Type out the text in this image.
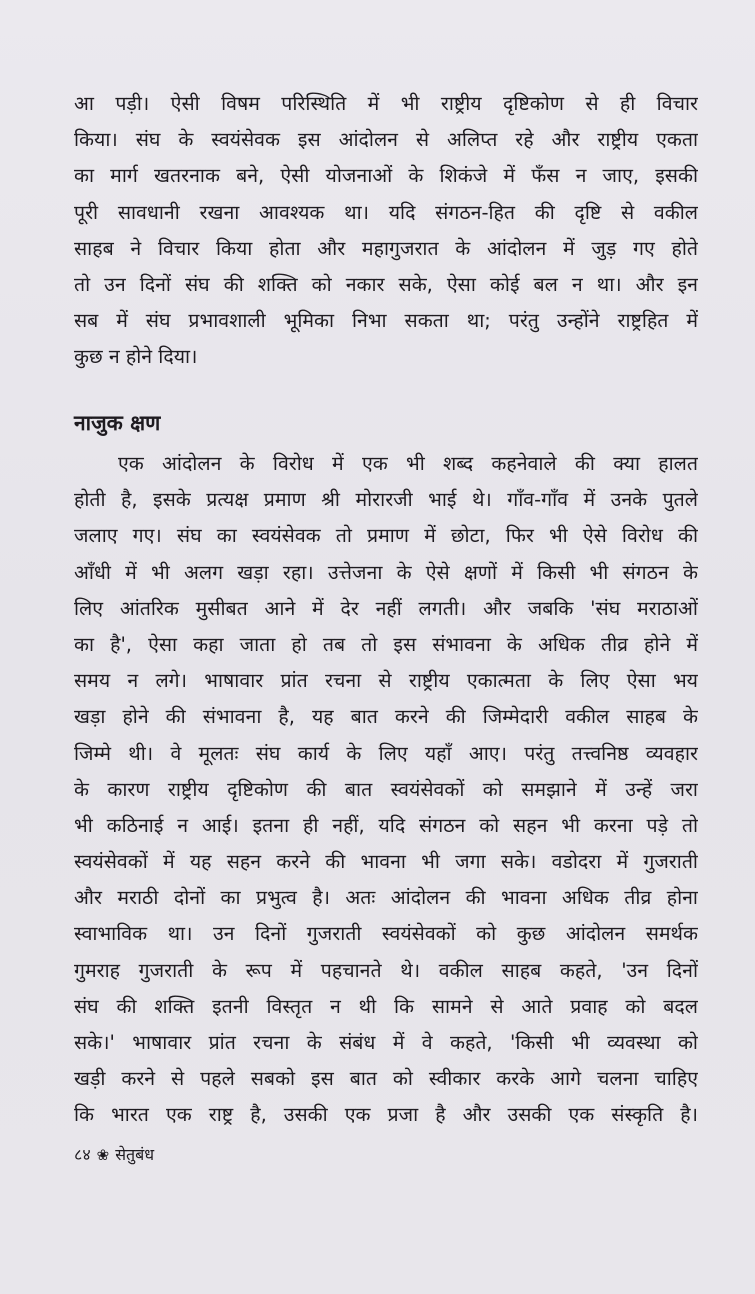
आ पड़ी। ऐसी विषम परिस्थिति में भी राष्ट्रीय दृष्टिकोण से ही विचार
किया। संघ के स्वयंसेवक इस आंदोलन से अलिप्त रहे और राष्ट्रीय एकता
का मार्ग खतरनाक बने, ऐसी योजनाओं के शिकंजे में फँस न जाए, इसकी
पूरी सावधानी रखना आवश्यक था। यदि संगठन-हित की दृष्टि से वकील
साहब ने विचार किया होता और महागुजरात के आंदोलन में जुड़ गए होते
तो उन दिनों संघ की शक्ति को नकार सके, ऐसा कोई बल न था। और इन
सब में संघ प्रभावशाली भूमिका निभा सकता था; परंतु उन्होंने राष्ट्रहित में
कुछ न होने दिया।
नाजुक क्षण
एक आंदोलन के विरोध में एक भी शब्द कहनेवाले की क्या हालत
होती है, इसके प्रत्यक्ष प्रमाण श्री मोरारजी भाई थे। गाँव-गाँव में उनके पुतले
जलाए गए। संघ का स्वयंसेवक तो प्रमाण में छोटा, फिर भी ऐसे विरोध की
आँधी में भी अलग खड़ा रहा। उत्तेजना के ऐसे क्षणों में किसी भी संगठन के
लिए आंतरिक मुसीबत आने में देर नहीं लगती। और जबकि 'संघ मराठाओं
का है', ऐसा कहा जाता हो तब तो इस संभावना के अधिक तीव्र होने में
समय न लगे। भाषावार प्रांत रचना से राष्ट्रीय एकात्मता के लिए ऐसा भय
खड़ा होने की संभावना है, यह बात करने की जिम्मेदारी वकील साहब के
जिम्मे थी। वे मूलतः संघ कार्य के लिए यहाँ आए। परंतु तत्त्वनिष्ठ व्यवहार
के कारण राष्ट्रीय दृष्टिकोण की बात स्वयंसेवकों को समझाने में उन्हें जरा
भी कठिनाई न आई। इतना ही नहीं, यदि संगठन को सहन भी करना पड़े तो
स्वयंसेवकों में यह सहन करने की भावना भी जगा सके। वडोदरा में गुजराती
और मराठी दोनों का प्रभुत्व है। अतः आंदोलन की भावना अधिक तीव्र होना
स्वाभाविक था। उन दिनों गुजराती स्वयंसेवकों को कुछ आंदोलन समर्थक
गुमराह गुजराती के रूप में पहचानते थे। वकील साहब कहते, 'उन दिनों
संघ की शक्ति इतनी विस्तृत न थी कि सामने से आते प्रवाह को बदल
सके।' भाषावार प्रांत रचना के संबंध में वे कहते, 'किसी भी व्यवस्था को
खड़ी करने से पहले सबको इस बात को स्वीकार करके आगे चलना चाहिए
कि भारत एक राष्ट्र है, उसकी एक प्रजा है और उसकी एक संस्कृति है।
८४ ❀ सेतुबंध
